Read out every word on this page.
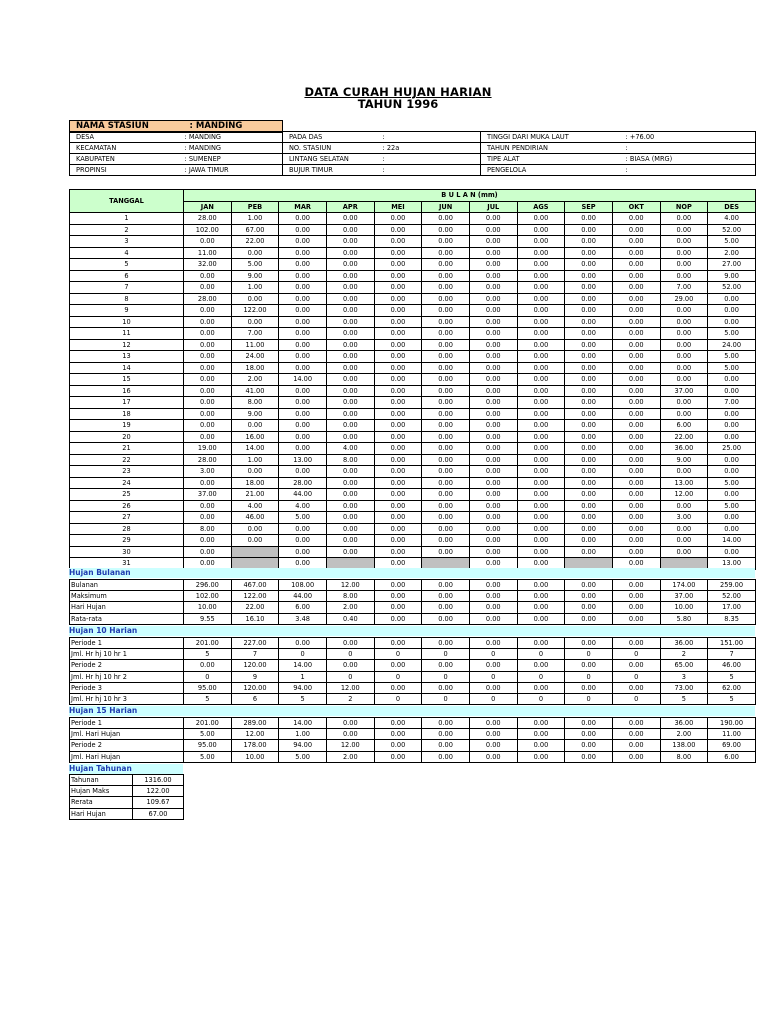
DATA CURAH HUJAN HARIAN
TAHUN 1996
NAMA STASIUN	: MANDING
DESA	: MANDING	PADA DAS	:	TINGGI DARI MUKA LAUT	: +76.00
KECAMATAN	: MANDING	NO. STASIUN	: 22a	TAHUN PENDIRIAN	:
KABUPATEN	: SUMENEP	LINTANG SELATAN	:	TIPE ALAT	: BIASA (MRG)
PROPINSI	: JAWA TIMUR	BUJUR TIMUR	:	PENGELOLA	:
TANGGAL	B U L A N (mm)											
	JAN	PEB	MAR	APR	MEI	JUN	JUL	AGS	SEP	OKT	NOP	DES
1	28.00	1.00	0.00	0.00	0.00	0.00	0.00	0.00	0.00	0.00	0.00	4.00
2	102.00	67.00	0.00	0.00	0.00	0.00	0.00	0.00	0.00	0.00	0.00	52.00
3	0.00	22.00	0.00	0.00	0.00	0.00	0.00	0.00	0.00	0.00	0.00	5.00
4	11.00	0.00	0.00	0.00	0.00	0.00	0.00	0.00	0.00	0.00	0.00	2.00
5	32.00	5.00	0.00	0.00	0.00	0.00	0.00	0.00	0.00	0.00	0.00	27.00
6	0.00	9.00	0.00	0.00	0.00	0.00	0.00	0.00	0.00	0.00	0.00	9.00
7	0.00	1.00	0.00	0.00	0.00	0.00	0.00	0.00	0.00	0.00	7.00	52.00
8	28.00	0.00	0.00	0.00	0.00	0.00	0.00	0.00	0.00	0.00	29.00	0.00
9	0.00	122.00	0.00	0.00	0.00	0.00	0.00	0.00	0.00	0.00	0.00	0.00
10	0.00	0.00	0.00	0.00	0.00	0.00	0.00	0.00	0.00	0.00	0.00	0.00
11	0.00	7.00	0.00	0.00	0.00	0.00	0.00	0.00	0.00	0.00	0.00	5.00
12	0.00	11.00	0.00	0.00	0.00	0.00	0.00	0.00	0.00	0.00	0.00	24.00
13	0.00	24.00	0.00	0.00	0.00	0.00	0.00	0.00	0.00	0.00	0.00	5.00
14	0.00	18.00	0.00	0.00	0.00	0.00	0.00	0.00	0.00	0.00	0.00	5.00
15	0.00	2.00	14.00	0.00	0.00	0.00	0.00	0.00	0.00	0.00	0.00	0.00
16	0.00	41.00	0.00	0.00	0.00	0.00	0.00	0.00	0.00	0.00	37.00	0.00
17	0.00	8.00	0.00	0.00	0.00	0.00	0.00	0.00	0.00	0.00	0.00	7.00
18	0.00	9.00	0.00	0.00	0.00	0.00	0.00	0.00	0.00	0.00	0.00	0.00
19	0.00	0.00	0.00	0.00	0.00	0.00	0.00	0.00	0.00	0.00	6.00	0.00
20	0.00	16.00	0.00	0.00	0.00	0.00	0.00	0.00	0.00	0.00	22.00	0.00
21	19.00	14.00	0.00	4.00	0.00	0.00	0.00	0.00	0.00	0.00	36.00	25.00
22	28.00	1.00	13.00	8.00	0.00	0.00	0.00	0.00	0.00	0.00	9.00	0.00
23	3.00	0.00	0.00	0.00	0.00	0.00	0.00	0.00	0.00	0.00	0.00	0.00
24	0.00	18.00	28.00	0.00	0.00	0.00	0.00	0.00	0.00	0.00	13.00	5.00
25	37.00	21.00	44.00	0.00	0.00	0.00	0.00	0.00	0.00	0.00	12.00	0.00
26	0.00	4.00	4.00	0.00	0.00	0.00	0.00	0.00	0.00	0.00	0.00	5.00
27	0.00	46.00	5.00	0.00	0.00	0.00	0.00	0.00	0.00	0.00	3.00	0.00
28	8.00	0.00	0.00	0.00	0.00	0.00	0.00	0.00	0.00	0.00	0.00	0.00
29	0.00	0.00	0.00	0.00	0.00	0.00	0.00	0.00	0.00	0.00	0.00	14.00
30	0.00		0.00	0.00	0.00	0.00	0.00	0.00	0.00	0.00	0.00	0.00
31	0.00		0.00		0.00		0.00	0.00		0.00		13.00
Hujan Bulanan
Bulanan	296.00	467.00	108.00	12.00	0.00	0.00	0.00	0.00	0.00	0.00	174.00	259.00
Maksimum	102.00	122.00	44.00	8.00	0.00	0.00	0.00	0.00	0.00	0.00	37.00	52.00
Hari Hujan	10.00	22.00	6.00	2.00	0.00	0.00	0.00	0.00	0.00	0.00	10.00	17.00
Rata-rata	9.55	16.10	3.48	0.40	0.00	0.00	0.00	0.00	0.00	0.00	5.80	8.35
Hujan 10 Harian
Periode 1	201.00	227.00	0.00	0.00	0.00	0.00	0.00	0.00	0.00	0.00	36.00	151.00
Jml. Hr hj 10 hr 1	5	7	0	0	0	0	0	0	0	0	2	7
Periode 2	0.00	120.00	14.00	0.00	0.00	0.00	0.00	0.00	0.00	0.00	65.00	46.00
Jml. Hr hj 10 hr 2	0	9	1	0	0	0	0	0	0	0	3	5
Periode 3	95.00	120.00	94.00	12.00	0.00	0.00	0.00	0.00	0.00	0.00	73.00	62.00
Jml. Hr hj 10 hr 3	5	6	5	2	0	0	0	0	0	0	5	5
Hujan 15 Harian
Periode 1	201.00	289.00	14.00	0.00	0.00	0.00	0.00	0.00	0.00	0.00	36.00	190.00
Jml. Hari Hujan	5.00	12.00	1.00	0.00	0.00	0.00	0.00	0.00	0.00	0.00	2.00	11.00
Periode 2	95.00	178.00	94.00	12.00	0.00	0.00	0.00	0.00	0.00	0.00	138.00	69.00
Jml. Hari Hujan	5.00	10.00	5.00	2.00	0.00	0.00	0.00	0.00	0.00	0.00	8.00	6.00
Hujan Tahunan
Tahunan	1316.00
Hujan Maks	122.00
Rerata	109.67
Hari Hujan	67.00
